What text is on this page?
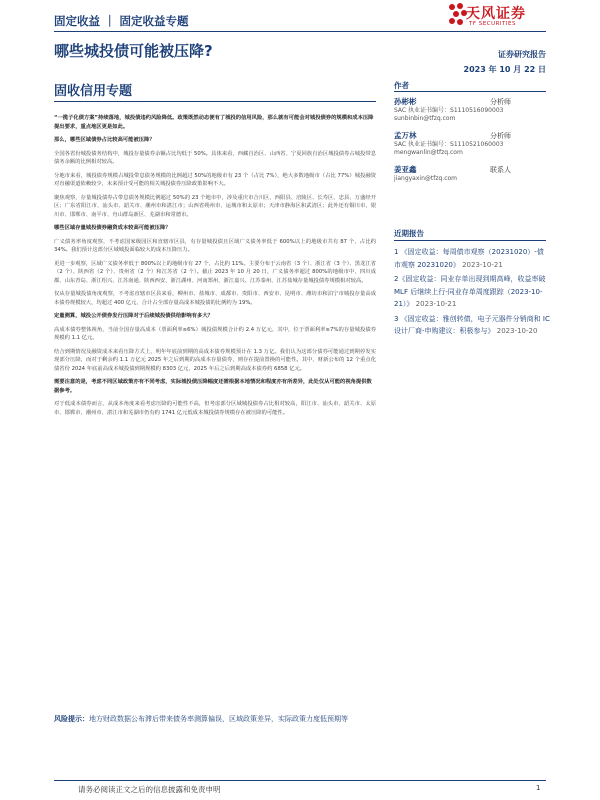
固定收益 ｜ 固定收益专题	天风证券
TF SECURITIES
哪些城投债可能被压降?	证券研究报告
2023 年 10 月 22 日
固收信用专题	作者
孙彬彬	分析师
SAC 执业证书编号：S1110516090003
sunbinbin@tfzq.com
孟万林	分析师
SAC 执业证书编号：S1110521060003
mengwanlin@tfzq.com
姜亚鑫	联系人
jiangyaxin@tfzq.com
近期报告
1 《固定收益：每周债市观察（20231020）-债市观察 20231020》 2023-10-21
2《固定收益：同业存单出现到期高峰，收益率破 MLF 后继续上行-同业存单周度跟踪（2023-10-21）》 2023-10-21
3 《固定收益：雅创转债，电子元器件分销商和 IC 设计厂商-申购建议：积极参与》 2023-10-20

“一揽子化债方案”持续落地，城投债违约风险降低。政策既然动态便有了城投的信用风险，那么就有可能会对城投债券的规模和成本压降提出要求，重点地区更是如此。

那么，哪些区域债券占比较高可能被压降？

全国各省份城投债务结构中，城投存量债券余额占比均低于 50%。具体来看，西藏自治区、山西省、宁夏回族自治区城投债券占城投带息债务余额的比例相对较高。

分地市来看，城投债券规模占城投带息债务规模的比例超过 50%的地级市有 23 个（占比 7%），绝大多数地级市（占比 77%）城投融资对直融渠道依赖较少，未来预计受可能的相关城投债券压降政策影响不大。

聚焦观察，存量城投债券占带息债务规模比例超过 50%的 23 个地市中，涉及重庆市合川区、西阳县、涪陵区、长寿区、忠县、万盛经开区；广东省阳江市、汕头市、韶关市、潮州市和湛江市；山西省朔州市、运城市和太原市；天津市静海区和武清区；此外还有铜川市、银川市、邯郸市、南平市、舟山群岛新区、芜湖市和常德市。

哪些区域存量城投债券融资成本较高可能被压降？

广义债务率角度观察，不考虑国家级园区和直辖市区县，有存量城投债且区域广义债务率低于 600%以上的地级市共有 87 个，占比约 34%。我们预计这部分区域城投面临较大的成本压降压力。

更进一步观察，区域广义债务率低于 800%以上的地级市有 27 个，占比约 11%。主要分布于云南省（3 个）、浙江省（3 个）、黑龙江省（2 个）、陕西省（2 个）、贵州省（2 个）和江苏省（2 个）。截止 2023 年 10 月 20 日，广义债务率超过 800%的地级市中，四川成都、山东青岛、浙江绍兴、江苏南通、陕西西安、浙江湖州、河南郑州、浙江嘉兴、江苏泰州、江苏盐城存量城投债券规模相对较高。

仅从存量城投债角度观察，不考虑直辖市区县来看，柳州市、盐城市、成都市、贵阳市、西安市、昆明市、潍坊市和泊宁市城投存量高成本债券规模较大，均超过 400 亿元，合计占全部存量高成本城投债的比例约为 19%。

定量测算，城投公开债券发行压降对于后续城投债供给影响有多大？

高成本债券整体视角，当前全国存量高成本（票面利率≥6%）城投债规模合计约 2.4 万亿元，其中，位于票面利率≥7%的存量城投债券规模约 1.1 亿元。

结合到期情况及融资成本来看压降方式上，明年年底前到期的高成本债券规模预计在 1.3 万亿。我们认为这部分债券可能通过到期停发实现部分压降，而对于剩余约 1.1 万亿元 2025 年之后到期的高成本存量债券，则存在提前置换的可能性。其中，财新公布的 12 个重点化债省份 2024 年底前高成本城投债到期规模约 8303 亿元，2025 年后之后到期高成本债券约 6858 亿元。

需要注意的是，考虑不同区域政策亦有不同考虑，实际城投债压降幅度还需根据本地情况和程度亦有所差异，此处仅从可能的视角提供数据参考。

对于低成本债券而言，从成本角度来看考虑压降的可能性不高，但考虑部分区域城投债券占比相对较高，阳江市、汕头市、韶关市、太原市、邯郸市、潮州市、湛江市和芜湖市仍有约 1741 亿元低成本城投债券规模存在被压降的可能性。

风险提示：地方财政数据公布滞后带来债务率测算偏误，区域政策差异，实际政策力度低预期等
请务必阅读正文之后的信息披露和免责申明	1
